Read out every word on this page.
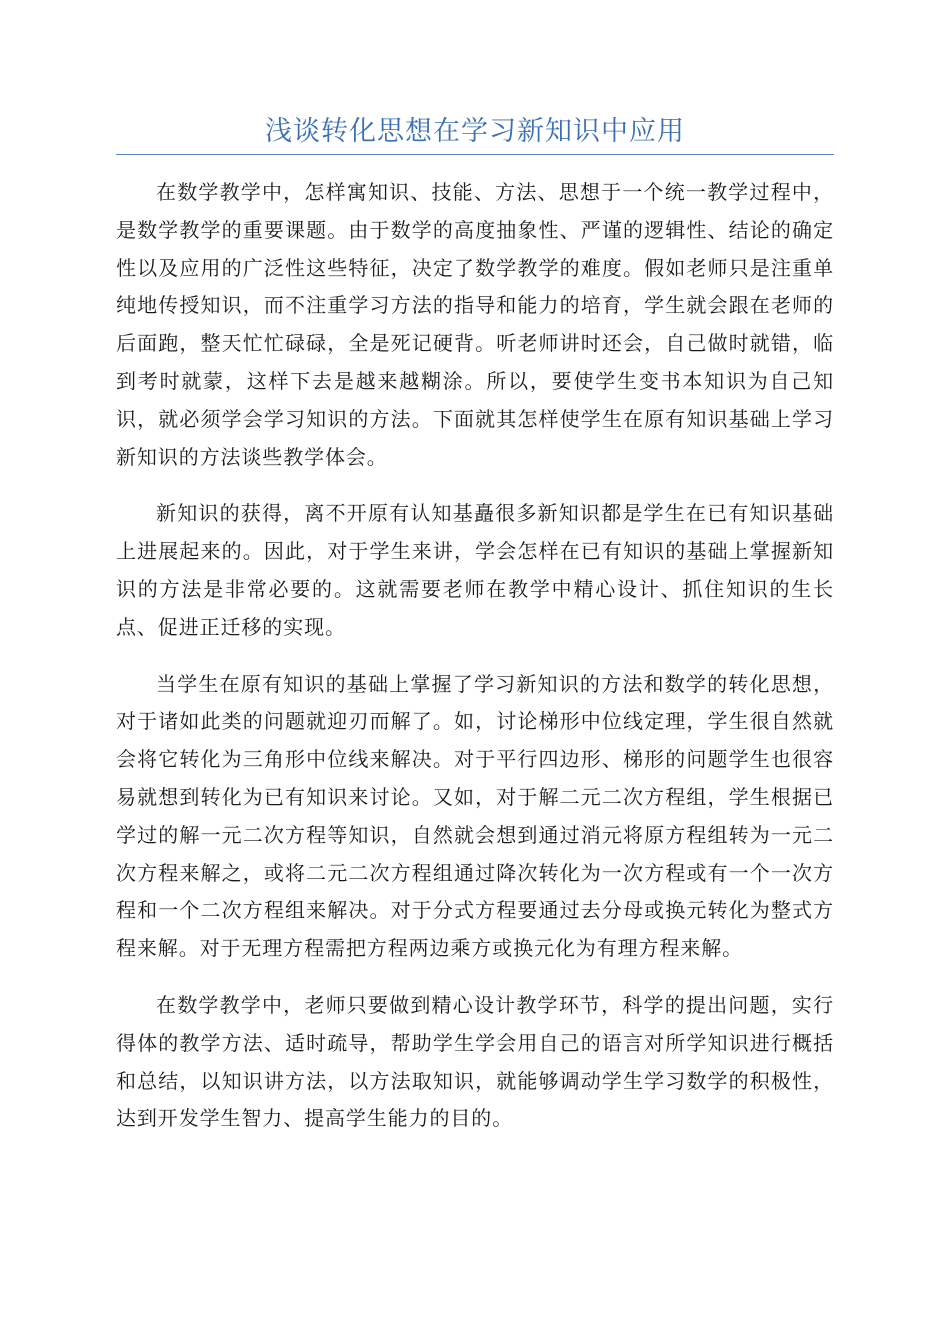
浅谈转化思想在学习新知识中应用

在数学教学中，怎样寓知识、技能、方法、思想于一个统一教学过程中，是数学教学的重要课题。由于数学的高度抽象性、严谨的逻辑性、结论的确定性以及应用的广泛性这些特征，决定了数学教学的难度。假如老师只是注重单纯地传授知识，而不注重学习方法的指导和能力的培育，学生就会跟在老师的后面跑，整天忙忙碌碌，全是死记硬背。听老师讲时还会，自己做时就错，临到考时就蒙，这样下去是越来越糊涂。所以，要使学生变书本知识为自己知识，就必须学会学习知识的方法。下面就其怎样使学生在原有知识基础上学习新知识的方法谈些教学体会。

新知识的获得，离不开原有认知基矗很多新知识都是学生在已有知识基础上进展起来的。因此，对于学生来讲，学会怎样在已有知识的基础上掌握新知识的方法是非常必要的。这就需要老师在教学中精心设计、抓住知识的生长点、促进正迁移的实现。

当学生在原有知识的基础上掌握了学习新知识的方法和数学的转化思想，对于诸如此类的问题就迎刃而解了。如，讨论梯形中位线定理，学生很自然就会将它转化为三角形中位线来解决。对于平行四边形、梯形的问题学生也很容易就想到转化为已有知识来讨论。又如，对于解二元二次方程组，学生根据已学过的解一元二次方程等知识，自然就会想到通过消元将原方程组转为一元二次方程来解之，或将二元二次方程组通过降次转化为一次方程或有一个一次方程和一个二次方程组来解决。对于分式方程要通过去分母或换元转化为整式方程来解。对于无理方程需把方程两边乘方或换元化为有理方程来解。

在数学教学中，老师只要做到精心设计教学环节，科学的提出问题，实行得体的教学方法、适时疏导，帮助学生学会用自己的语言对所学知识进行概括和总结，以知识讲方法，以方法取知识，就能够调动学生学习数学的积极性，达到开发学生智力、提高学生能力的目的。
